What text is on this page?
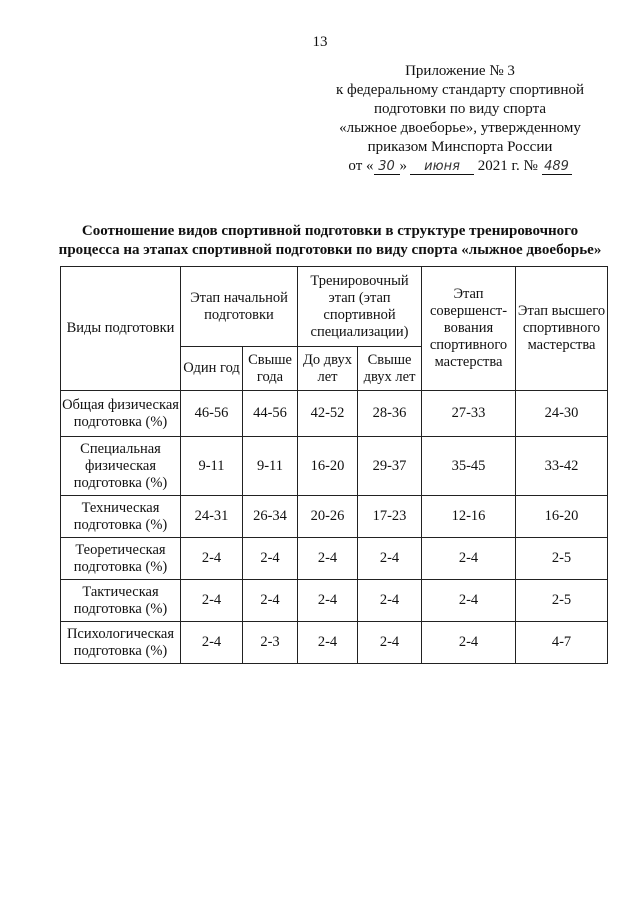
13
Приложение № 3
к федеральному стандарту спортивной
подготовки по виду спорта
«лыжное двоеборье», утвержденному
приказом Минспорта России
от « 30 » июня 2021 г. № 489
Соотношение видов спортивной подготовки в структуре тренировочного
процесса на этапах спортивной подготовки по виду спорта «лыжное двоеборье»
Виды подготовки	Этап начальной подготовки		Тренировочный этап (этап спортивной специализации)		Этап совершенст-вования спортивного мастерства	Этап высшего спортивного мастерства
	Один год	Свыше года	До двух лет	Свыше двух лет		
Общая физическая подготовка (%)	46-56	44-56	42-52	28-36	27-33	24-30
Специальная физическая подготовка (%)	9-11	9-11	16-20	29-37	35-45	33-42
Техническая подготовка (%)	24-31	26-34	20-26	17-23	12-16	16-20
Теоретическая подготовка (%)	2-4	2-4	2-4	2-4	2-4	2-5
Тактическая подготовка (%)	2-4	2-4	2-4	2-4	2-4	2-5
Психологическая подготовка (%)	2-4	2-3	2-4	2-4	2-4	4-7
